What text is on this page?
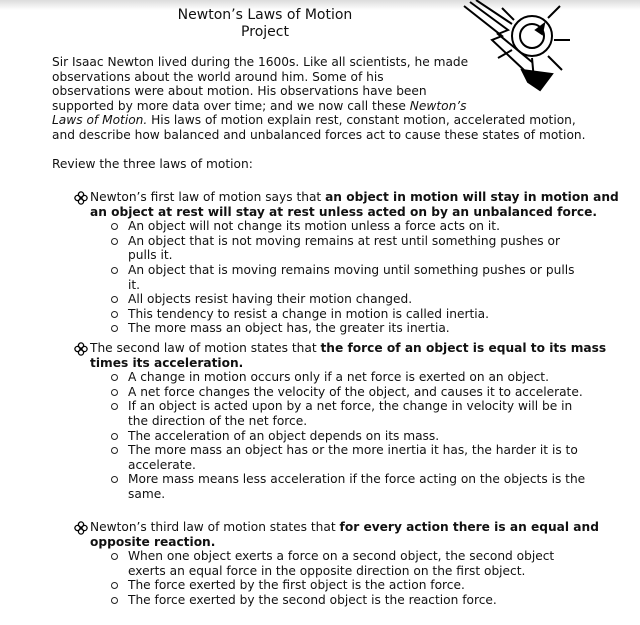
Newton’s Laws of Motion
Project
Sir Isaac Newton lived during the 1600s. Like all scientists, he made
observations about the world around him. Some of his
observations were about motion. His observations have been
supported by more data over time; and we now call these Newton’s
Laws of Motion. His laws of motion explain rest, constant motion, accelerated motion,
and describe how balanced and unbalanced forces act to cause these states of motion.
Review the three laws of motion:
Newton’s first law of motion says that an object in motion will stay in motion and
an object at rest will stay at rest unless acted on by an unbalanced force.
An object will not change its motion unless a force acts on it.
An object that is not moving remains at rest until something pushes or pulls it.
An object that is moving remains moving until something pushes or pulls it.
All objects resist having their motion changed.
This tendency to resist a change in motion is called inertia.
The more mass an object has, the greater its inertia.
The second law of motion states that the force of an object is equal to its mass
times its acceleration.
A change in motion occurs only if a net force is exerted on an object.
A net force changes the velocity of the object, and causes it to accelerate.
If an object is acted upon by a net force, the change in velocity will be in the direction of the net force.
The acceleration of an object depends on its mass.
The more mass an object has or the more inertia it has, the harder it is to accelerate.
More mass means less acceleration if the force acting on the objects is the same.
Newton’s third law of motion states that for every action there is an equal and
opposite reaction.
When one object exerts a force on a second object, the second object exerts an equal force in the opposite direction on the first object.
The force exerted by the first object is the action force.
The force exerted by the second object is the reaction force.
